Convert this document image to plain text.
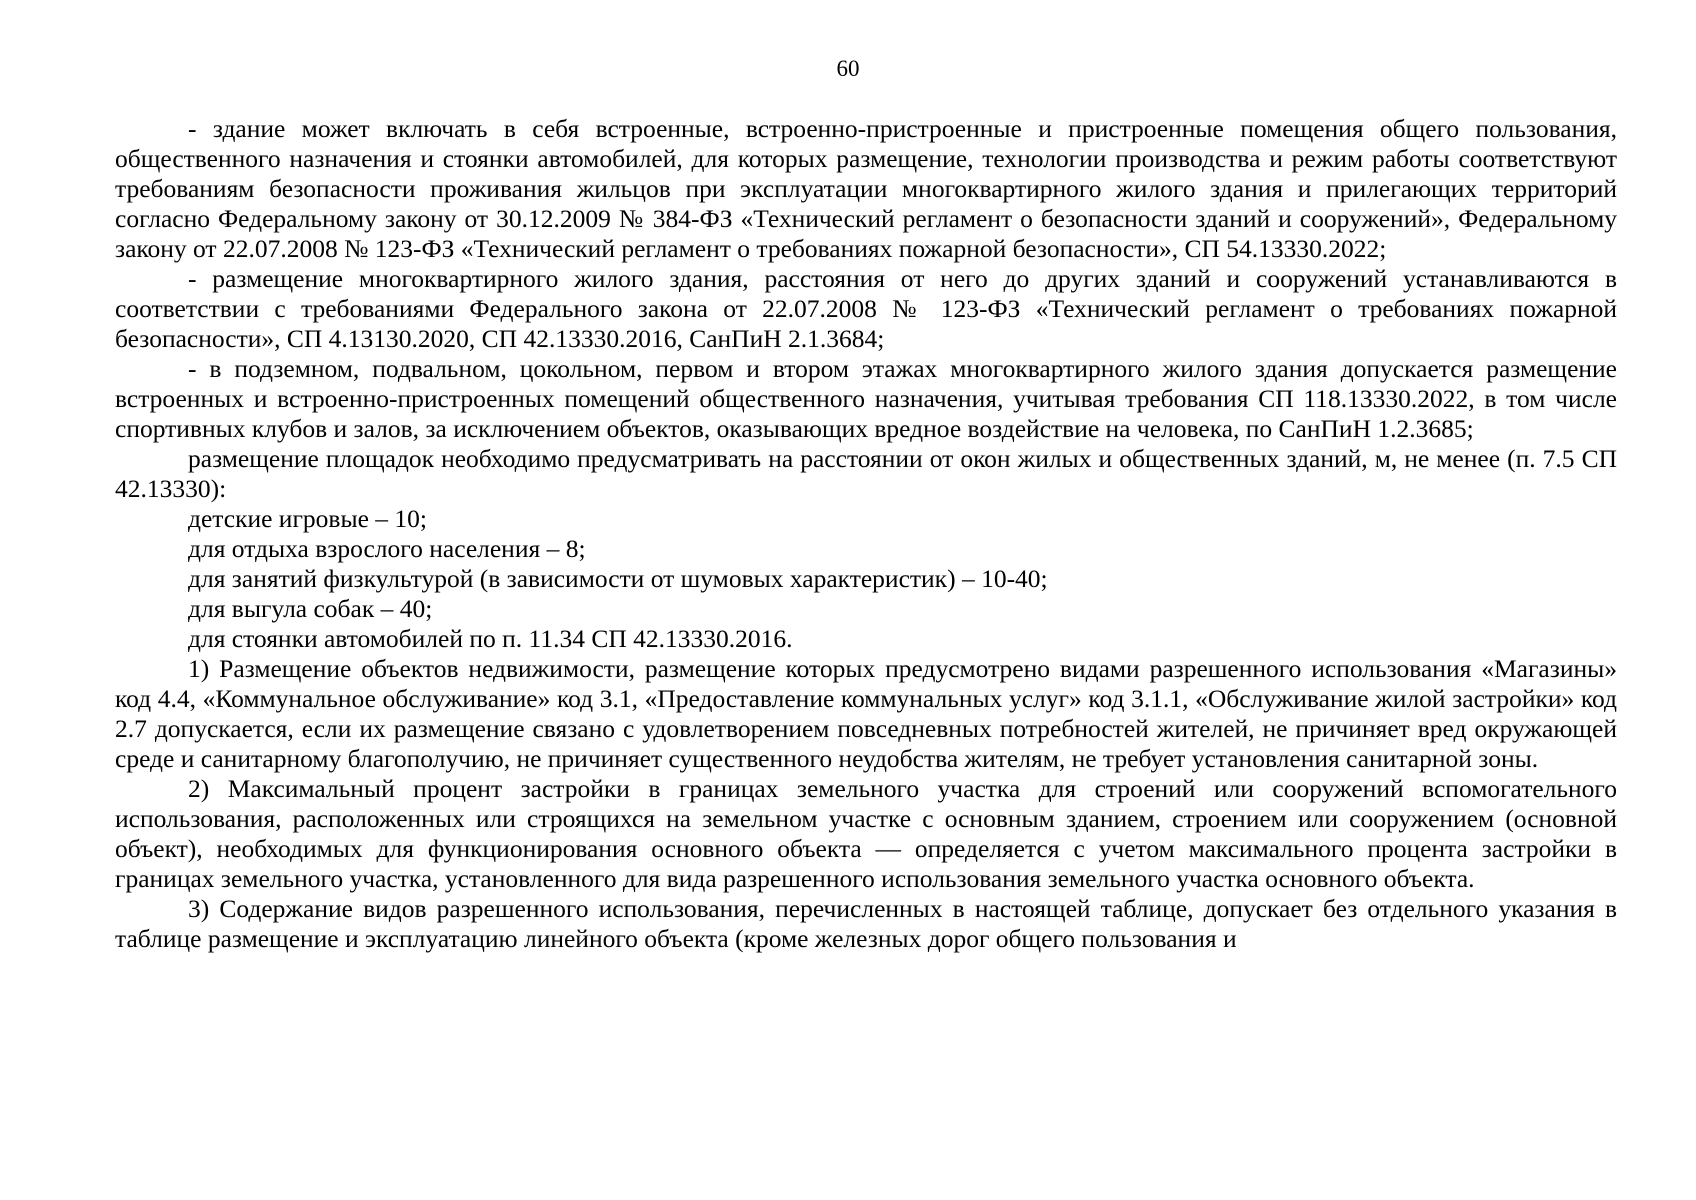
60

- здание может включать в себя встроенные, встроенно-пристроенные и пристроенные помещения общего пользования, общественного назначения и стоянки автомобилей, для которых размещение, технологии производства и режим работы соответствуют требованиям безопасности проживания жильцов при эксплуатации многоквартирного жилого здания и прилегающих территорий согласно Федеральному закону от 30.12.2009 № 384-ФЗ «Технический регламент о безопасности зданий и сооружений», Федеральному закону от 22.07.2008 № 123-ФЗ «Технический регламент о требованиях пожарной безопасности», СП 54.13330.2022;

- размещение многоквартирного жилого здания, расстояния от него до других зданий и сооружений устанавливаются в соответствии с требованиями Федерального закона от 22.07.2008 № 123-ФЗ «Технический регламент о требованиях пожарной безопасности», СП 4.13130.2020, СП 42.13330.2016, СанПиН 2.1.3684;

- в подземном, подвальном, цокольном, первом и втором этажах многоквартирного жилого здания допускается размещение встроенных и встроенно-пристроенных помещений общественного назначения, учитывая требования СП 118.13330.2022, в том числе спортивных клубов и залов, за исключением объектов, оказывающих вредное воздействие на человека, по СанПиН 1.2.3685;

размещение площадок необходимо предусматривать на расстоянии от окон жилых и общественных зданий, м, не менее (п. 7.5 СП 42.13330):

детские игровые – 10;

для отдыха взрослого населения – 8;

для занятий физкультурой (в зависимости от шумовых характеристик) – 10-40;

для выгула собак – 40;

для стоянки автомобилей по п. 11.34 СП 42.13330.2016.

1) Размещение объектов недвижимости, размещение которых предусмотрено видами разрешенного использования «Магазины» код 4.4, «Коммунальное обслуживание» код 3.1, «Предоставление коммунальных услуг» код 3.1.1, «Обслуживание жилой застройки» код 2.7 допускается, если их размещение связано с удовлетворением повседневных потребностей жителей, не причиняет вред окружающей среде и санитарному благополучию, не причиняет существенного неудобства жителям, не требует установления санитарной зоны.

2) Максимальный процент застройки в границах земельного участка для строений или сооружений вспомогательного использования, расположенных или строящихся на земельном участке с основным зданием, строением или сооружением (основной объект), необходимых для функционирования основного объекта — определяется с учетом максимального процента застройки в границах земельного участка, установленного для вида разрешенного использования земельного участка основного объекта.

3) Содержание видов разрешенного использования, перечисленных в настоящей таблице, допускает без отдельного указания в таблице размещение и эксплуатацию линейного объекта (кроме железных дорог общего пользования и
